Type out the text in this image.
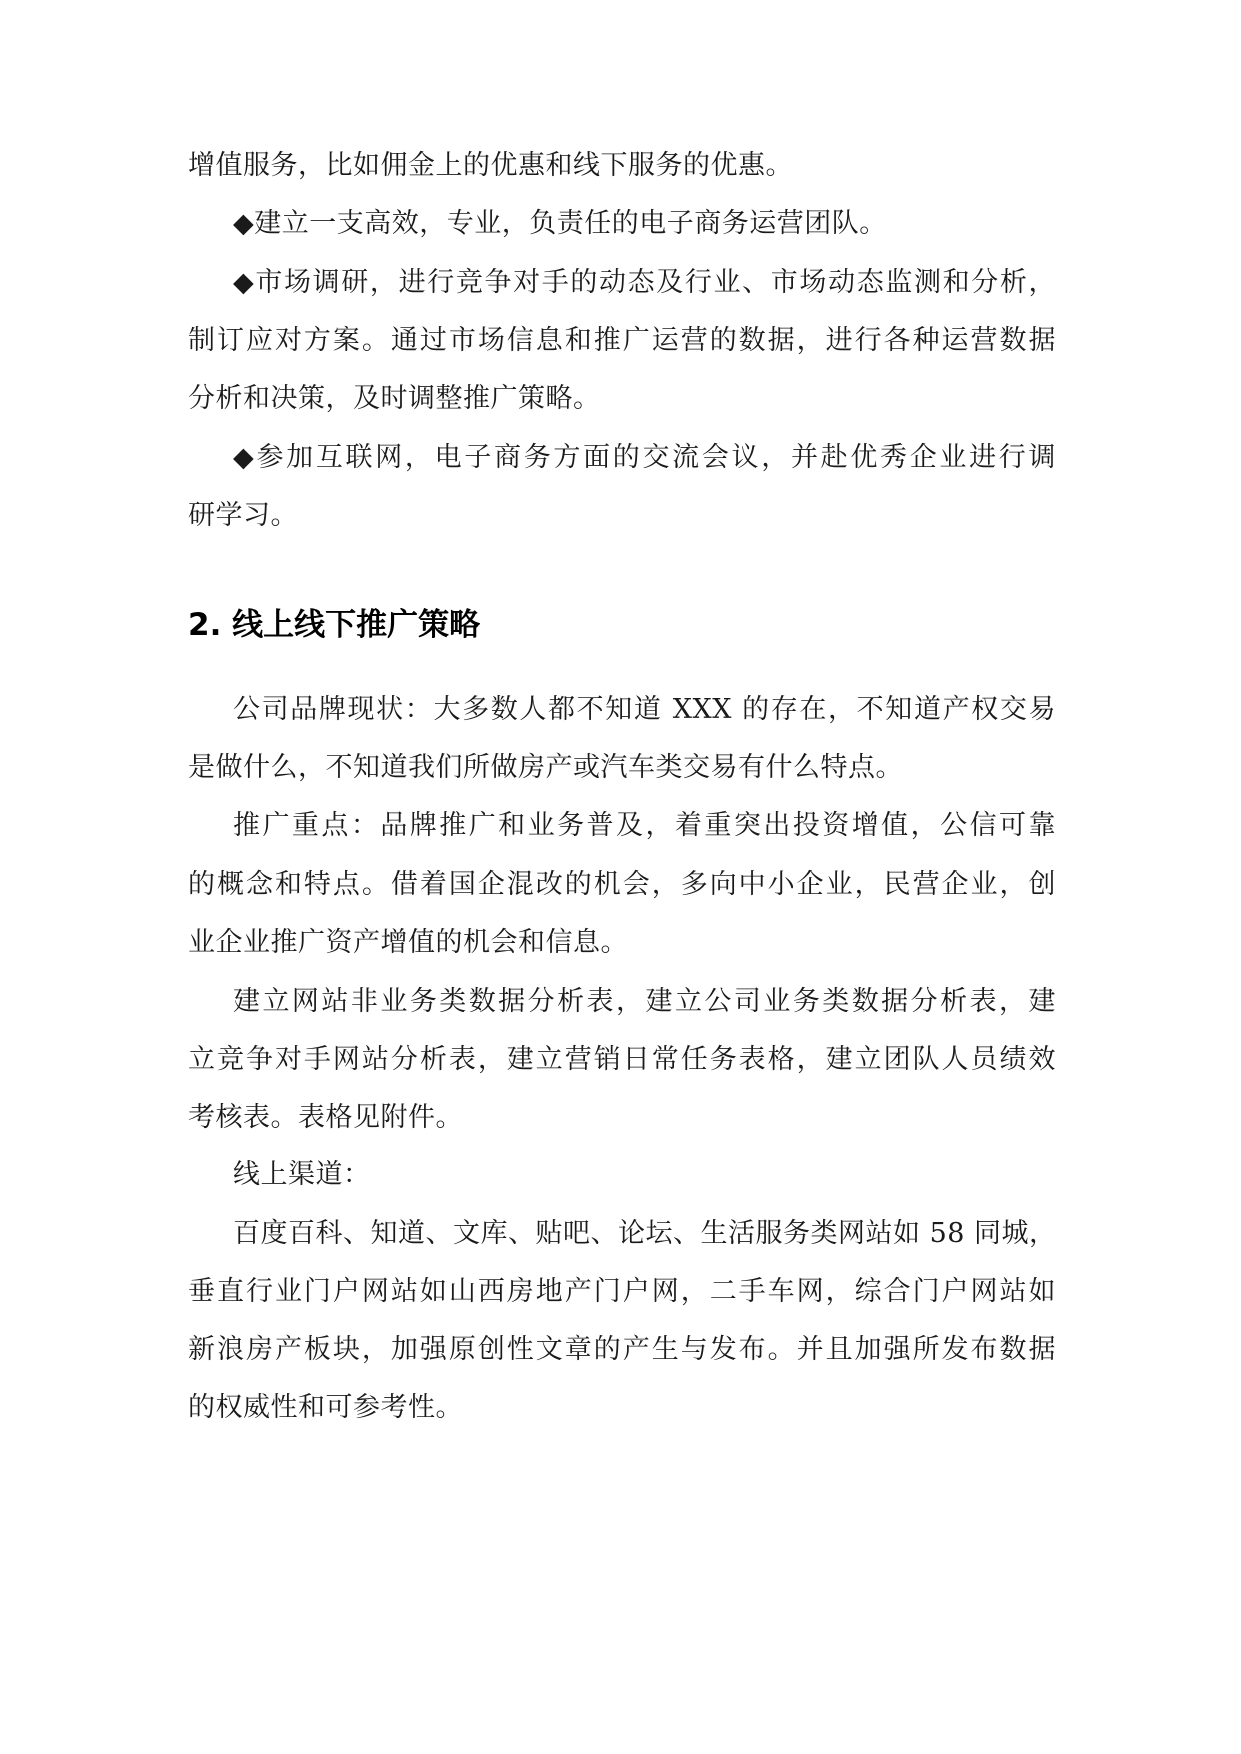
增值服务，比如佣金上的优惠和线下服务的优惠。
◆建立一支高效，专业，负责任的电子商务运营团队。
◆市场调研，进行竞争对手的动态及行业、市场动态监测和分析，
制订应对方案。通过市场信息和推广运营的数据，进行各种运营数据
分析和决策，及时调整推广策略。
◆参加互联网，电子商务方面的交流会议，并赴优秀企业进行调
研学习。
2. 线上线下推广策略
公司品牌现状：大多数人都不知道 XXX 的存在，不知道产权交易
是做什么，不知道我们所做房产或汽车类交易有什么特点。
推广重点：品牌推广和业务普及，着重突出投资增值，公信可靠
的概念和特点。借着国企混改的机会，多向中小企业，民营企业，创
业企业推广资产增值的机会和信息。
建立网站非业务类数据分析表，建立公司业务类数据分析表，建
立竞争对手网站分析表，建立营销日常任务表格，建立团队人员绩效
考核表。表格见附件。
线上渠道：
百度百科、知道、文库、贴吧、论坛、生活服务类网站如 58 同城，
垂直行业门户网站如山西房地产门户网，二手车网，综合门户网站如
新浪房产板块，加强原创性文章的产生与发布。并且加强所发布数据
的权威性和可参考性。
